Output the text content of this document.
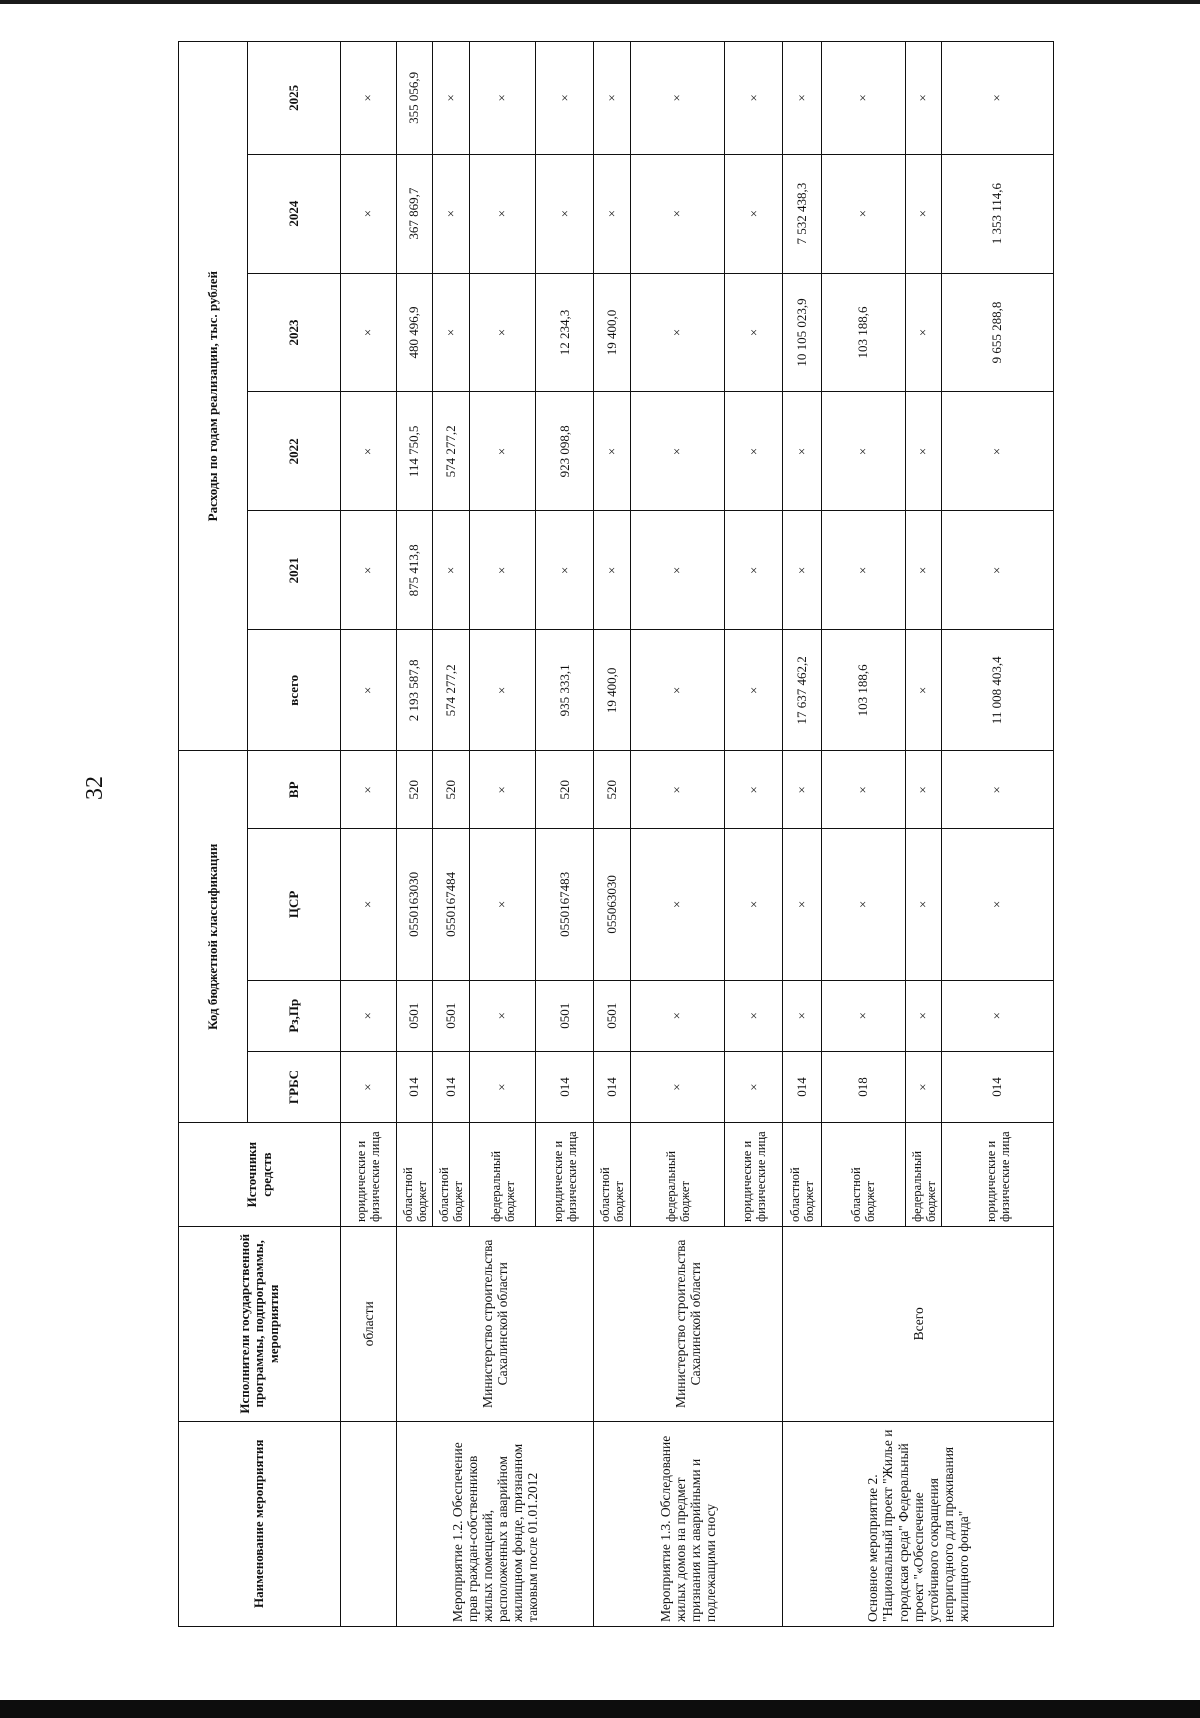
32
Наименование мероприятия	Исполнители государственной программы, подпрограммы, мероприятия	Источники средств	Код бюджетной классификации				Расходы по годам реализации, тыс. рублей					
			ГРБС	Рз,Пр	ЦСР	ВР	всего	2021	2022	2023	2024	2025
	области	юридические и физические лица	×	×	×	×	×	×	×	×	×	×
Мероприятие 1.2. Обеспечение прав граждан-собственников жилых помещений, расположенных в аварийном жилищном фонде, признанном таковым после 01.01.2012	Министерство строительства Сахалинской области	областной бюджет	014	0501	0550163030	520	2 193 587,8	875 413,8	114 750,5	480 496,9	367 869,7	355 056,9
		областной бюджет	014	0501	0550167484	520	574 277,2	×	574 277,2	×	×	×
		федеральный бюджет	×	×	×	×	×	×	×	×	×	×
		юридические и физические лица	014	0501	0550167483	520	935 333,1	×	923 098,8	12 234,3	×	×
Мероприятие 1.3. Обследование жилых домов на предмет признания их аварийными и подлежащими сносу	Министерство строительства Сахалинской области	областной бюджет	014	0501	055063030	520	19 400,0	×	×	19 400,0	×	×
		федеральный бюджет	×	×	×	×	×	×	×	×	×	×
		юридические и физические лица	×	×	×	×	×	×	×	×	×	×
Основное мероприятие 2. "Национальный проект "Жилье и городская среда" Федеральный проект "«Обеспечение устойчивого сокращения непригодного для проживания жилищного фонда"	Всего	областной бюджет	014	×	×	×	17 637 462,2	×	×	10 105 023,9	7 532 438,3	×
		областной бюджет	018	×	×	×	103 188,6	×	×	103 188,6	×	×
		федеральный бюджет	×	×	×	×	×	×	×	×	×	×
		юридические и физические лица	014	×	×	×	11 008 403,4	×	×	9 655 288,8	1 353 114,6	×
